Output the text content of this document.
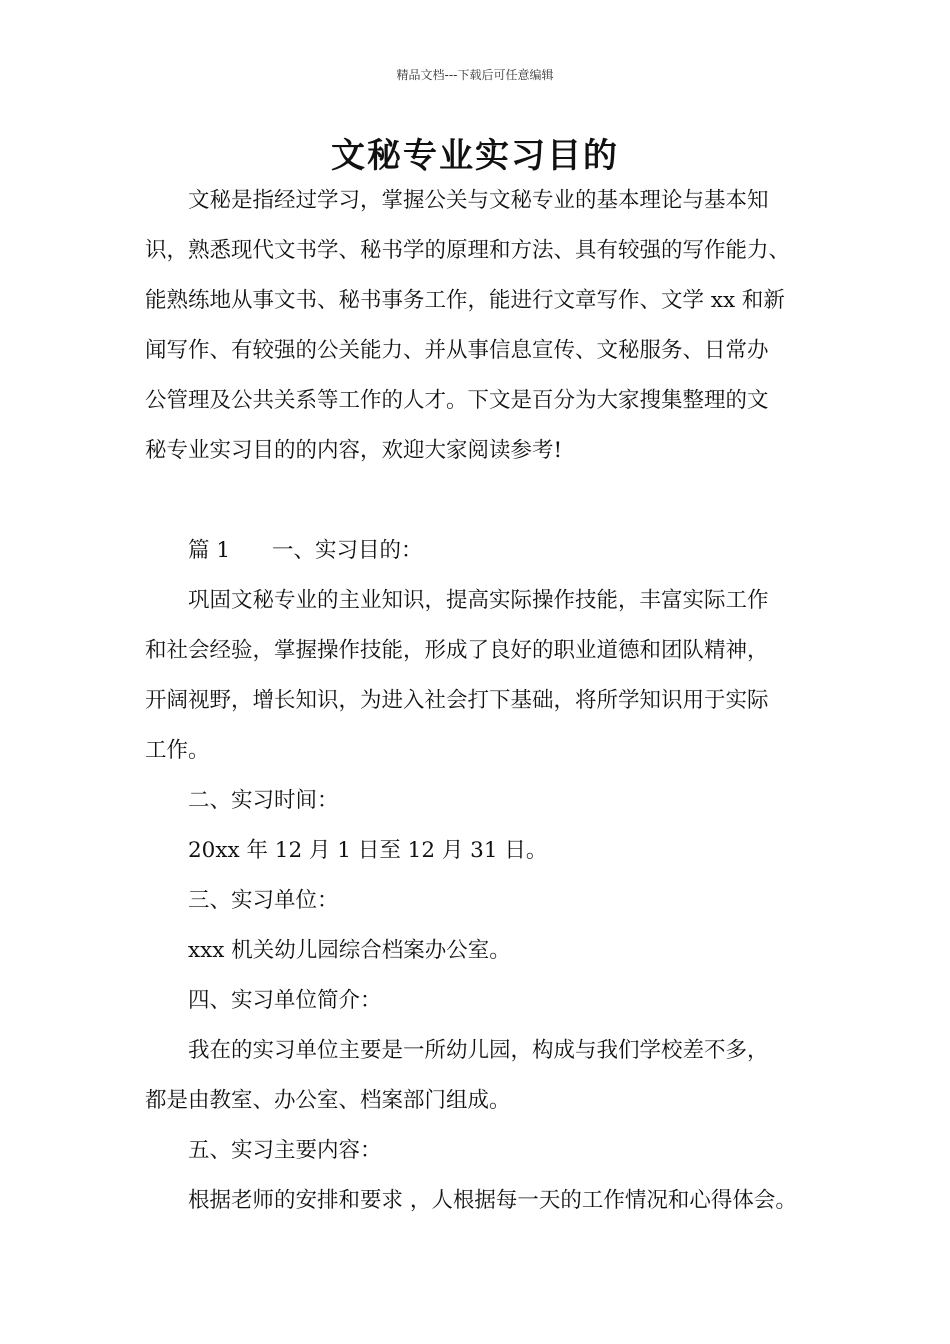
精品文档---下载后可任意编辑
文秘专业实习目的
文秘是指经过学习，掌握公关与文秘专业的基本理论与基本知
识，熟悉现代文书学、秘书学的原理和方法、具有较强的写作能力、
能熟练地从事文书、秘书事务工作，能进行文章写作、文学 xx 和新
闻写作、有较强的公关能力、并从事信息宣传、文秘服务、日常办
公管理及公共关系等工作的人才。下文是百分为大家搜集整理的文
秘专业实习目的的内容，欢迎大家阅读参考!
篇 1 一、实习目的：
巩固文秘专业的主业知识，提高实际操作技能，丰富实际工作
和社会经验，掌握操作技能，形成了良好的职业道德和团队精神，
开阔视野，增长知识，为进入社会打下基础，将所学知识用于实际
工作。
二、实习时间：
20xx 年 12 月 1 日至 12 月 31 日。
三、实习单位：
xxx 机关幼儿园综合档案办公室。
四、实习单位简介：
我在的实习单位主要是一所幼儿园，构成与我们学校差不多，
都是由教室、办公室、档案部门组成。
五、实习主要内容：
根据老师的安排和要求 ，人根据每一天的工作情况和心得体会。
